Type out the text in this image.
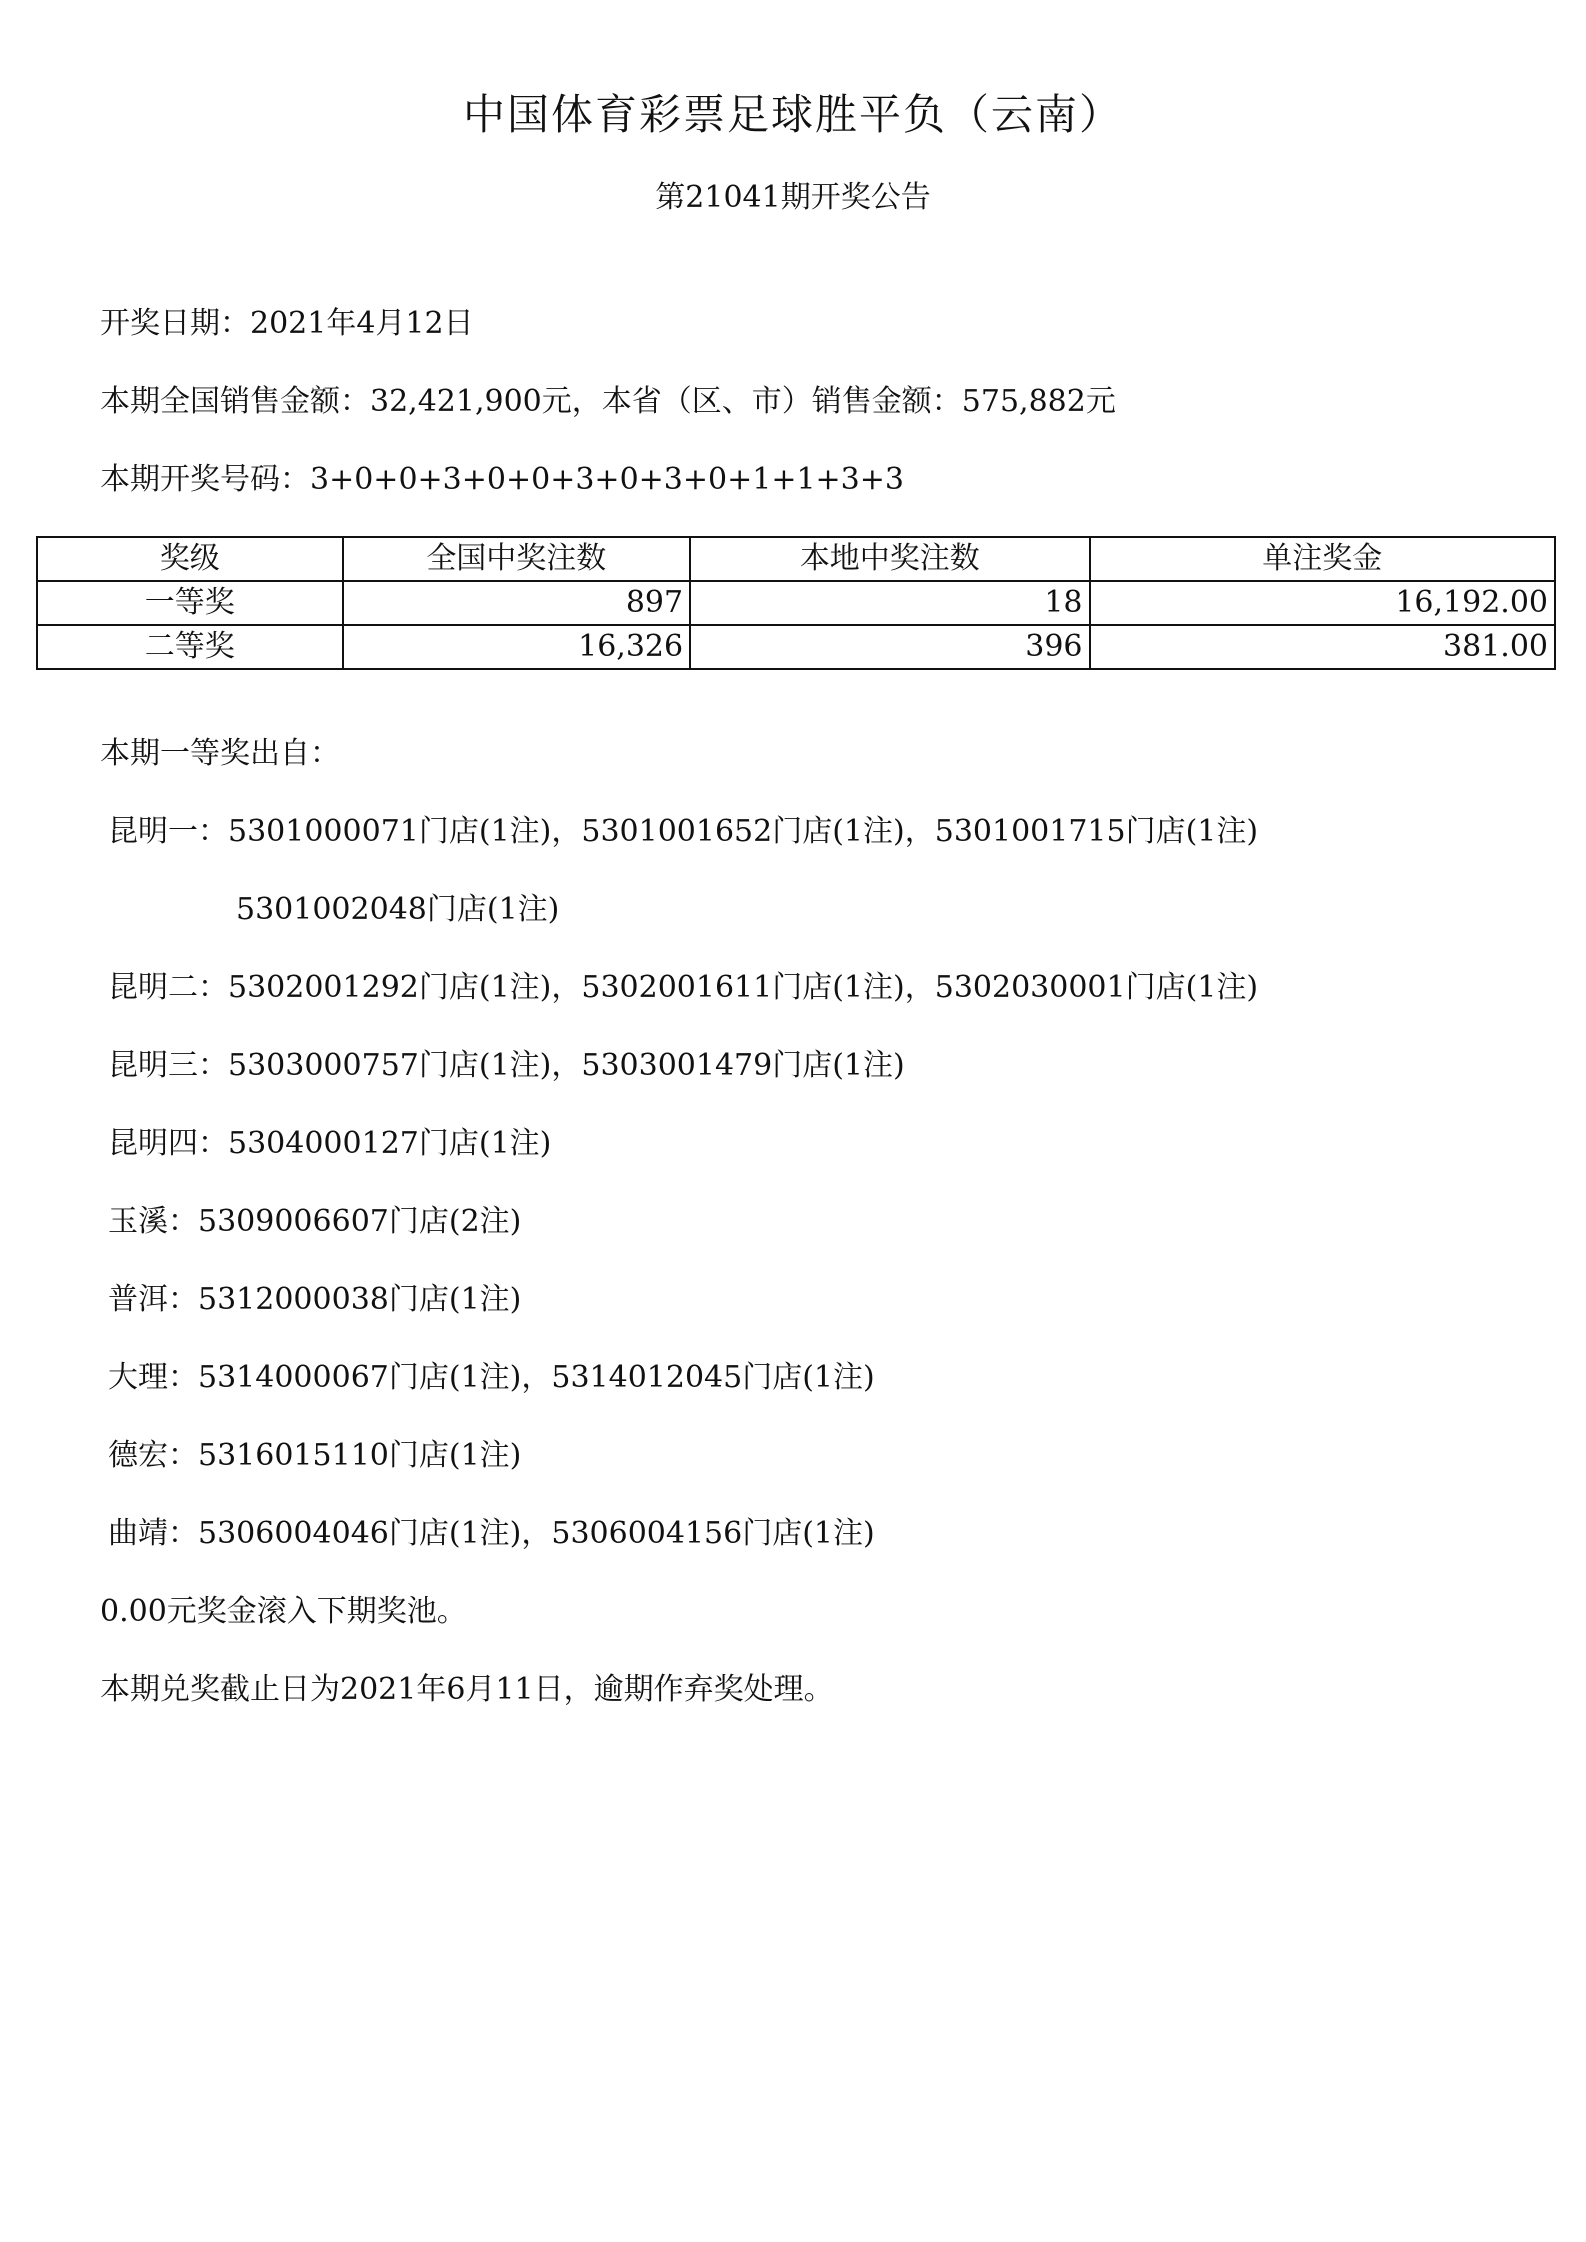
中国体育彩票足球胜平负（云南）
第21041期开奖公告
开奖日期：2021年4月12日
本期全国销售金额：32,421,900元，本省（区、市）销售金额：575,882元
本期开奖号码：3+0+0+3+0+0+3+0+3+0+1+1+3+3
奖级	全国中奖注数	本地中奖注数	单注奖金
一等奖	897	18	16,192.00
二等奖	16,326	396	381.00
本期一等奖出自：
昆明一：5301000071门店(1注)，5301001652门店(1注)，5301001715门店(1注)
5301002048门店(1注)
昆明二：5302001292门店(1注)，5302001611门店(1注)，5302030001门店(1注)
昆明三：5303000757门店(1注)，5303001479门店(1注)
昆明四：5304000127门店(1注)
玉溪：5309006607门店(2注)
普洱：5312000038门店(1注)
大理：5314000067门店(1注)，5314012045门店(1注)
德宏：5316015110门店(1注)
曲靖：5306004046门店(1注)，5306004156门店(1注)
0.00元奖金滚入下期奖池。
本期兑奖截止日为2021年6月11日，逾期作弃奖处理。
